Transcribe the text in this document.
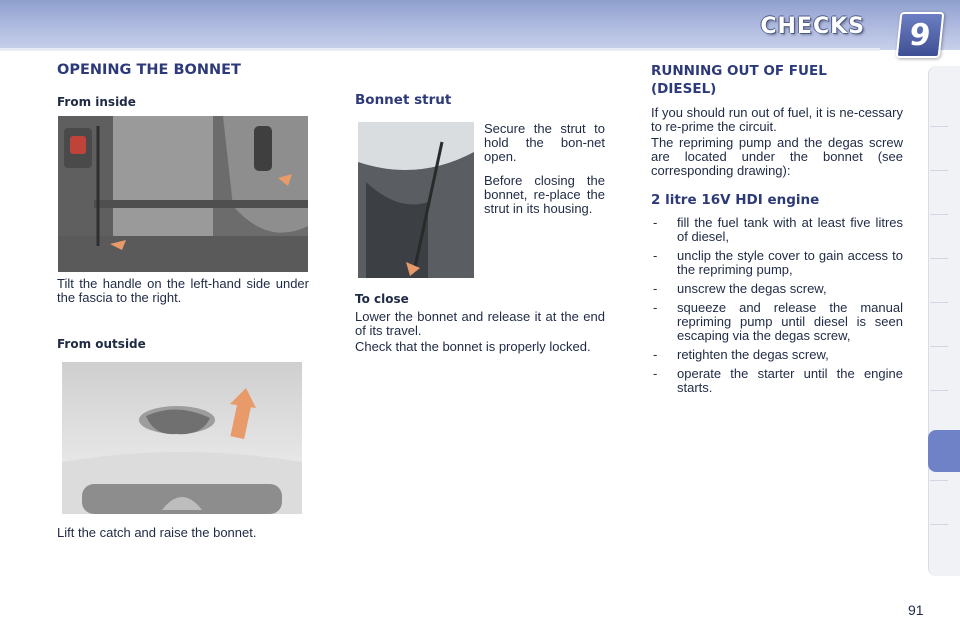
CHECKS 9
OPENING THE BONNET
From inside

Tilt the handle on the left-hand side under the fascia to the right.

From outside

Lift the catch and raise the bonnet.

Bonnet strut

Secure the strut to hold the bon-net open.

Before closing the bonnet, re-place the strut in its housing.

To close

Lower the bonnet and release it at the end of its travel.

Check that the bonnet is properly locked.

RUNNING OUT OF FUEL
(DIESEL)

If you should run out of fuel, it is ne-cessary to re-prime the circuit.

The repriming pump and the degas screw are located under the bonnet (see corresponding drawing):

2 litre 16V HDI engine
- fill the fuel tank with at least five litres of diesel,
- unclip the style cover to gain access to the repriming pump,
- unscrew the degas screw,
- squeeze and release the manual repriming pump until diesel is seen escaping via the degas screw,
- retighten the degas screw,
- operate the starter until the engine starts.
91
